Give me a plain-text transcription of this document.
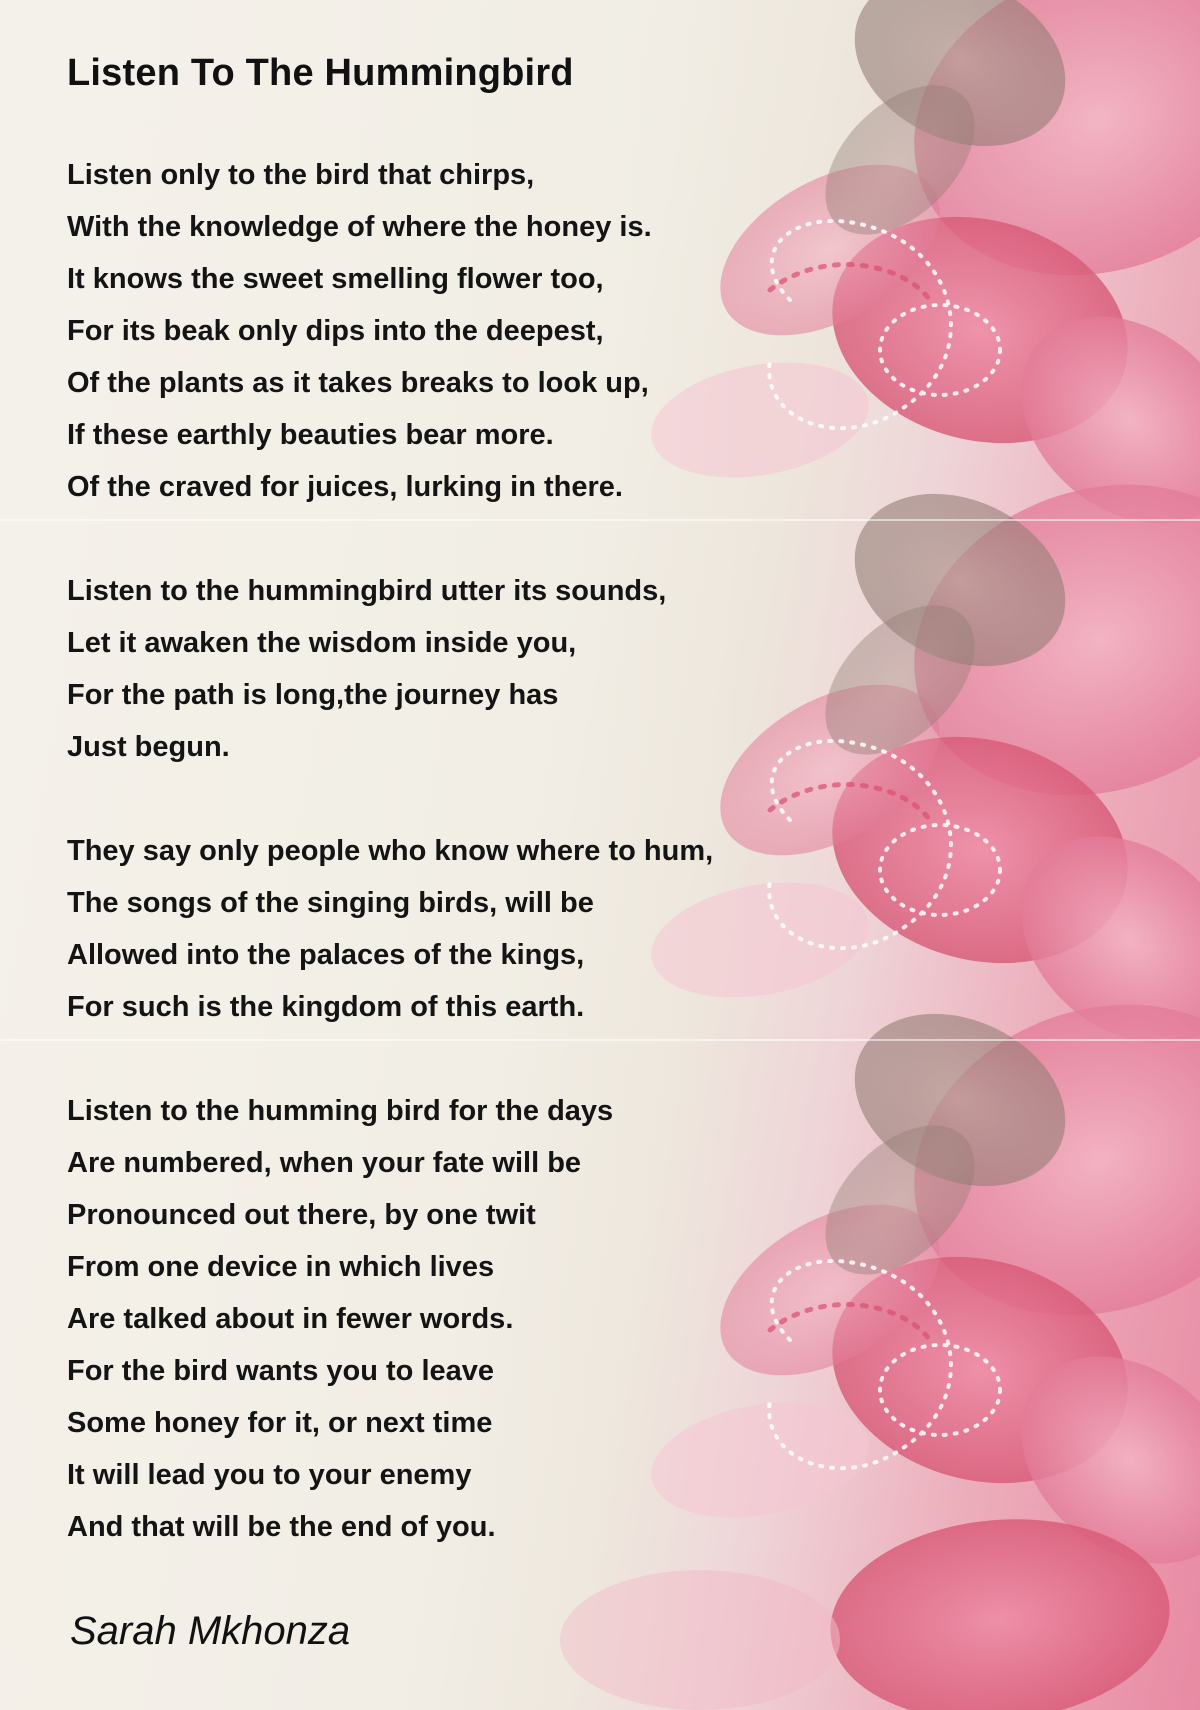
Listen To The Hummingbird
Listen only to the bird that chirps,
With the knowledge of where the honey is.
It knows the sweet smelling flower too,
For its beak only dips into the deepest,
Of the plants as it takes breaks to look up,
If these earthly beauties bear more.
Of the craved for juices, lurking in there.
Listen to the hummingbird utter its sounds,
Let it awaken the wisdom inside you,
For the path is long,the journey has
Just begun.
They say only people who know where to hum,
The songs of the singing birds, will be
Allowed into the palaces of the kings,
For such is the kingdom of this earth.
Listen to the humming bird for the days
Are numbered, when your fate will be
Pronounced out there, by one twit
From one device in which lives
Are talked about in fewer words.
For the bird wants you to leave
Some honey for it, or next time
It will lead you to your enemy
And that will be the end of you.
Sarah Mkhonza
